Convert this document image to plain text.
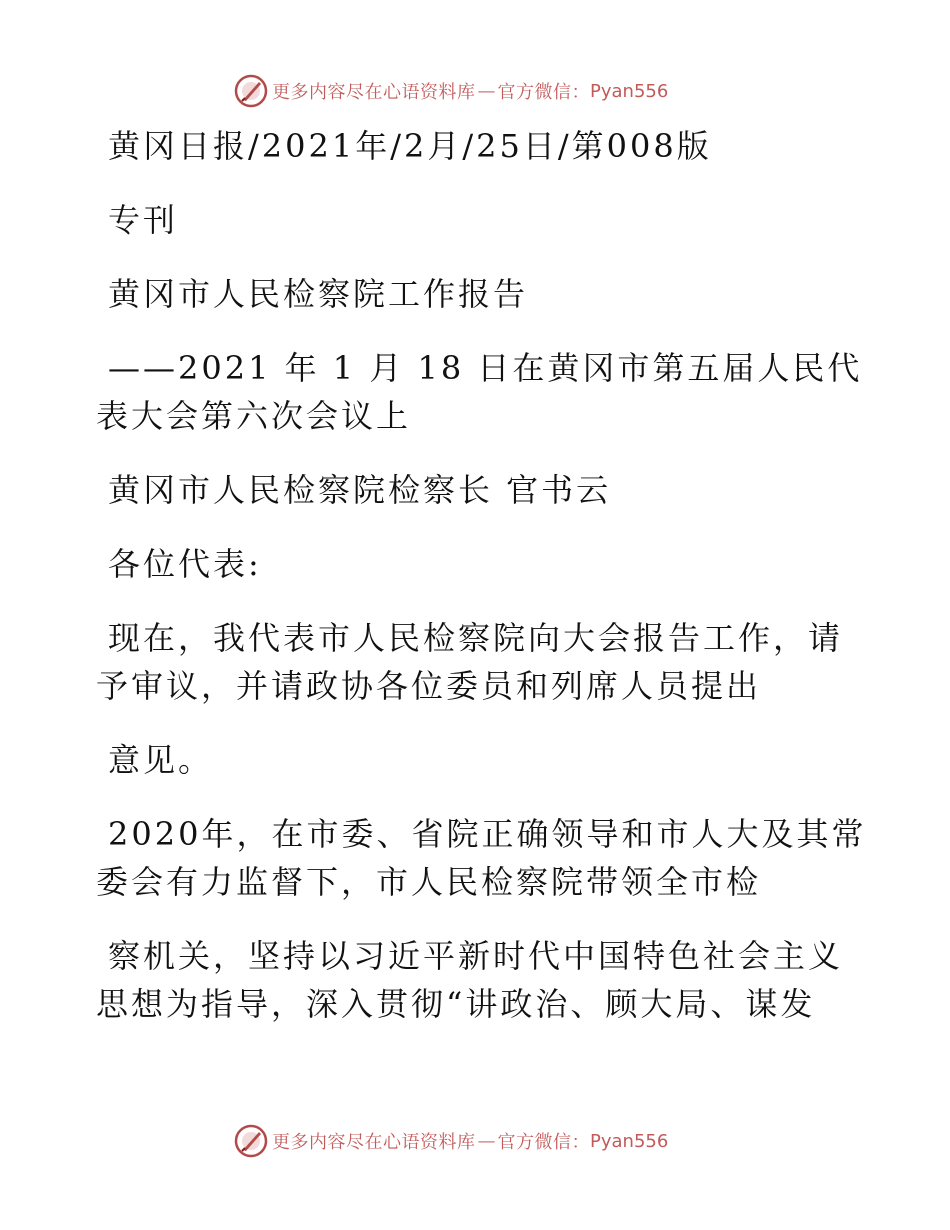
更多内容尽在心语资料库 — 官方微信： Pyan556

黄冈日报/2021年/2月/25日/第008版

专刊

黄冈市人民检察院工作报告

——2021 年 1 月 18 日在黄冈市第五届人民代

表大会第六次会议上

黄冈市人民检察院检察长 官书云

各位代表:

现在，我代表市人民检察院向大会报告工作，请

予审议，并请政协各位委员和列席人员提出

意见。

2020年，在市委、省院正确领导和市人大及其常

委会有力监督下，市人民检察院带领全市检

察机关，坚持以习近平新时代中国特色社会主义

思想为指导，深入贯彻“讲政治、顾大局、谋发

更多内容尽在心语资料库 — 官方微信： Pyan556
